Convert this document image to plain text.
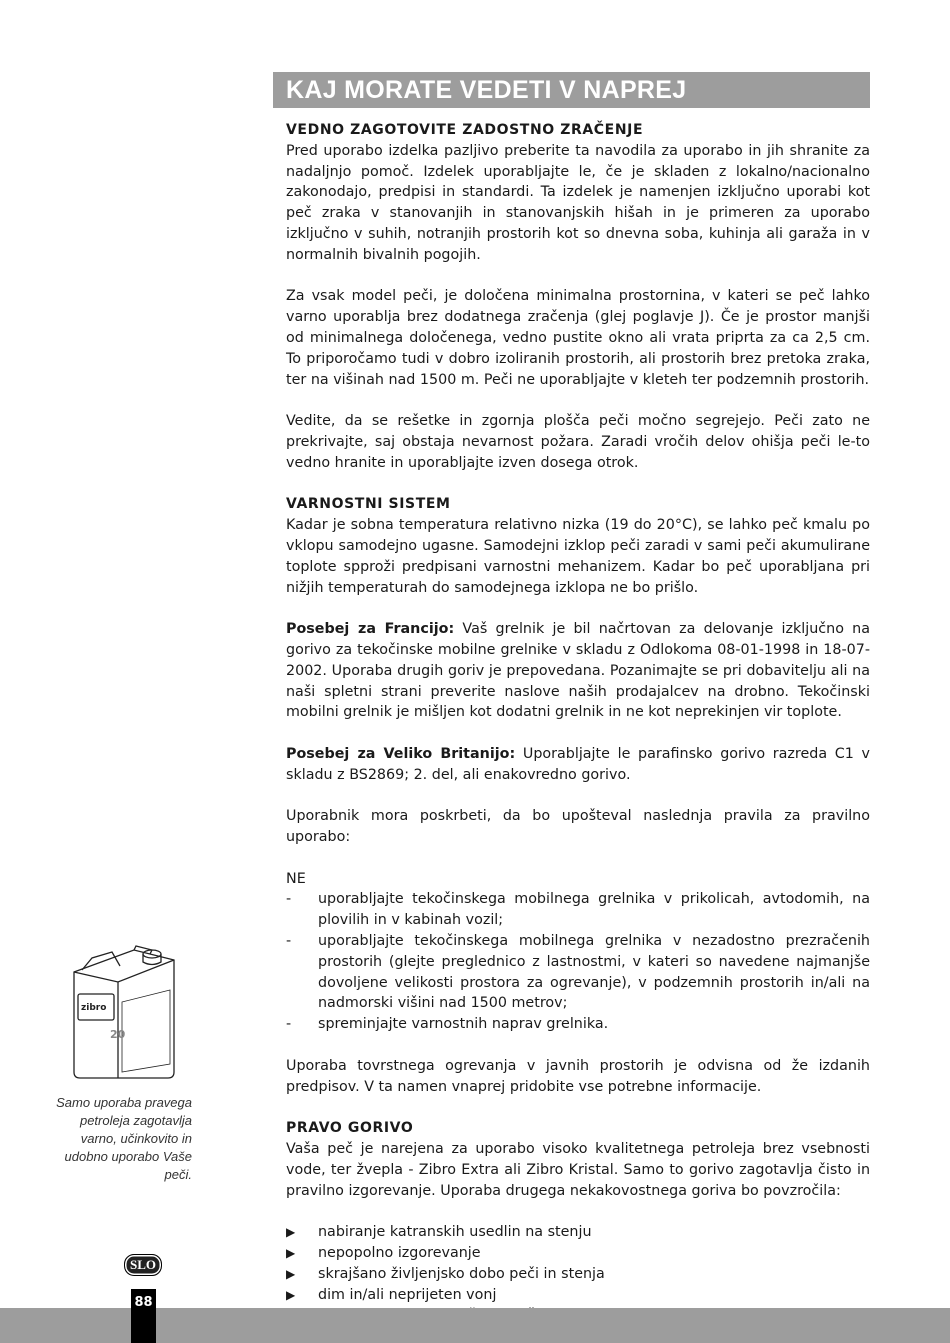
KAJ MORATE VEDETI V NAPREJ
VEDNO ZAGOTOVITE ZADOSTNO ZRAČENJE

Pred uporabo izdelka pazljivo preberite ta navodila za uporabo in jih shranite za nadaljnjo pomoč. Izdelek uporabljajte le, če je skladen z lokalno/nacionalno zakonodajo, predpisi in standardi. Ta izdelek je namenjen izključno uporabi kot peč zraka v stanovanjih in stanovanjskih hišah in je primeren za uporabo izključno v suhih, notranjih prostorih kot so dnevna soba, kuhinja ali garaža in v normalnih bivalnih pogojih.

Za vsak model peči, je določena minimalna prostornina, v kateri se peč lahko varno uporablja brez dodatnega zračenja (glej poglavje J). Če je prostor manjši od minimalnega določenega, vedno pustite okno ali vrata priprta za ca 2,5 cm. To priporočamo tudi v dobro izoliranih prostorih, ali prostorih brez pretoka zraka, ter na višinah nad 1500 m. Peči ne uporabljajte v kleteh ter podzemnih prostorih.

Vedite, da se rešetke in zgornja plošča peči močno segrejejo. Peči zato ne prekrivajte, saj obstaja nevarnost požara. Zaradi vročih delov ohišja peči le-to vedno hranite in uporabljajte izven dosega otrok.

VARNOSTNI SISTEM

Kadar je sobna temperatura relativno nizka (19 do 20°C), se lahko peč kmalu po vklopu samodejno ugasne. Samodejni izklop peči zaradi v sami peči akumulirane toplote spproži predpisani varnostni mehanizem. Kadar bo peč uporabljana pri nižjih temperaturah do samodejnega izklopa ne bo prišlo.

Posebej za Francijo: Vaš grelnik je bil načrtovan za delovanje izključno na gorivo za tekočinske mobilne grelnike v skladu z Odlokoma 08-01-1998 in 18-07-2002. Uporaba drugih goriv je prepovedana. Pozanimajte se pri dobavitelju ali na naši spletni strani preverite naslove naših prodajalcev na drobno. Tekočinski mobilni grelnik je mišljen kot dodatni grelnik in ne kot neprekinjen vir toplote.

Posebej za Veliko Britanijo: Uporabljajte le parafinsko gorivo razreda C1 v skladu z BS2869; 2. del, ali enakovredno gorivo.

Uporabnik mora poskrbeti, da bo upošteval naslednja pravila za pravilno uporabo:

NE

- uporabljajte tekočinskega mobilnega grelnika v prikolicah, avtodomih, na plovilih in v kabinah vozil;
- uporabljajte tekočinskega mobilnega grelnika v nezadostno prezračenih prostorih (glejte preglednico z lastnostmi, v kateri so navedene najmanjše dovoljene velikosti prostora za ogrevanje), v podzemnih prostorih in/ali na nadmorski višini nad 1500 metrov;
- spreminjajte varnostnih naprav grelnika.

Uporaba tovrstnega ogrevanja v javnih prostorih je odvisna od že izdanih predpisov. V ta namen vnaprej pridobite vse potrebne informacije.

PRAVO GORIVO

Vaša peč je narejena za uporabo visoko kvalitetnega petroleja brez vsebnosti vode, ter žvepla - Zibro Extra ali Zibro Kristal. Samo to gorivo zagotavlja čisto in pravilno izgorevanje. Uporaba drugega nekakovostnega goriva bo povzročila:

▶ nabiranje katranskih usedlin na stenju
▶ nepopolno izgorevanje
▶ skrajšano življenjsko dobo peči in stenja
▶ dim in/ali neprijeten vonj
zibro
20
Samo uporaba pravega petroleja zagotavlja varno, učinkovito in udobno uporabo Vaše peči.
SLO
88
